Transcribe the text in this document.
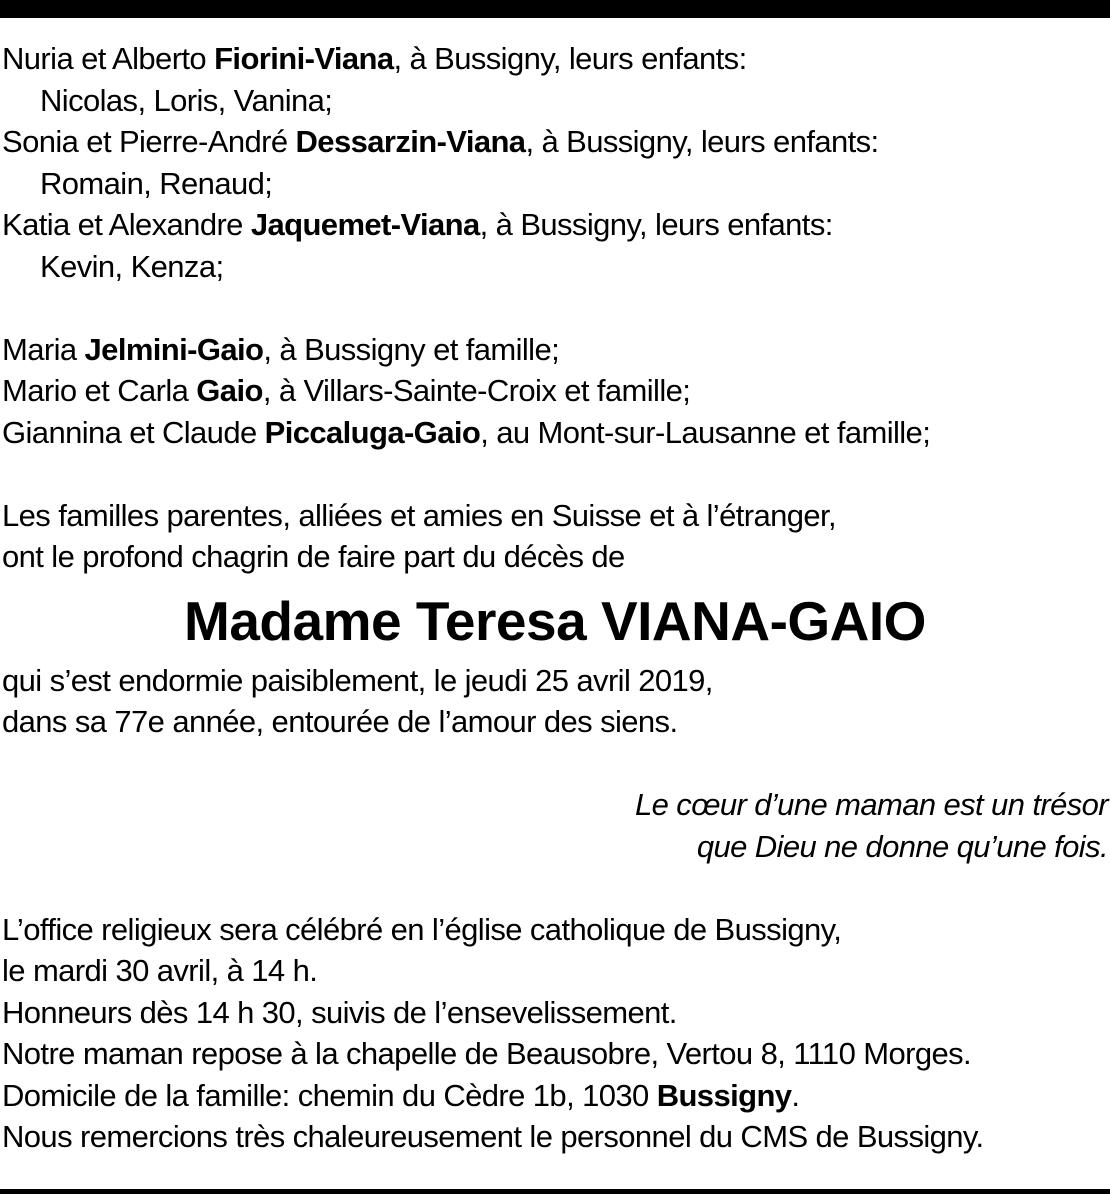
Nuria et Alberto Fiorini-Viana, à Bussigny, leurs enfants:
Nicolas, Loris, Vanina;
Sonia et Pierre-André Dessarzin-Viana, à Bussigny, leurs enfants:
Romain, Renaud;
Katia et Alexandre Jaquemet-Viana, à Bussigny, leurs enfants:
Kevin, Kenza;
Maria Jelmini-Gaio, à Bussigny et famille;
Mario et Carla Gaio, à Villars-Sainte-Croix et famille;
Giannina et Claude Piccaluga-Gaio, au Mont-sur-Lausanne et famille;
Les familles parentes, alliées et amies en Suisse et à l’étranger,
ont le profond chagrin de faire part du décès de
Madame Teresa VIANA-GAIO
qui s’est endormie paisiblement, le jeudi 25 avril 2019,
dans sa 77e année, entourée de l’amour des siens.
Le cœur d’une maman est un trésor
que Dieu ne donne qu’une fois.
L’office religieux sera célébré en l’église catholique de Bussigny,
le mardi 30 avril, à 14 h.
Honneurs dès 14 h 30, suivis de l’ensevelissement.
Notre maman repose à la chapelle de Beausobre, Vertou 8, 1110 Morges.
Domicile de la famille: chemin du Cèdre 1b, 1030 Bussigny.
Nous remercions très chaleureusement le personnel du CMS de Bussigny.
